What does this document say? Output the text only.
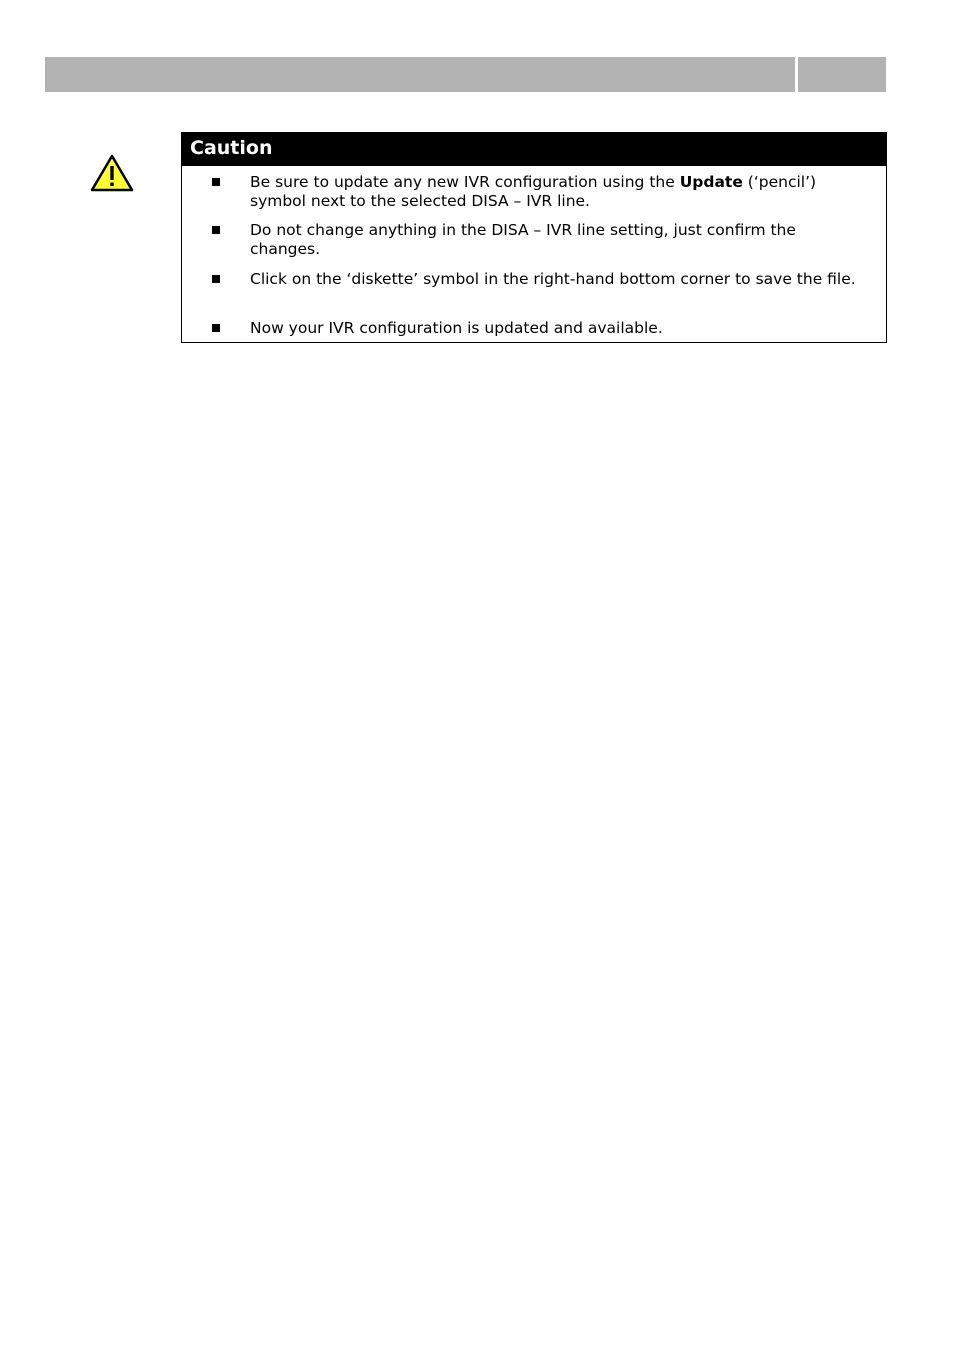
Caution
Be sure to update any new IVR configuration using the Update (‘pencil’) symbol next to the selected DISA – IVR line.
Do not change anything in the DISA – IVR line setting, just confirm the changes.
Click on the ‘diskette’ symbol in the right-hand bottom corner to save the file.
Now your IVR configuration is updated and available.
